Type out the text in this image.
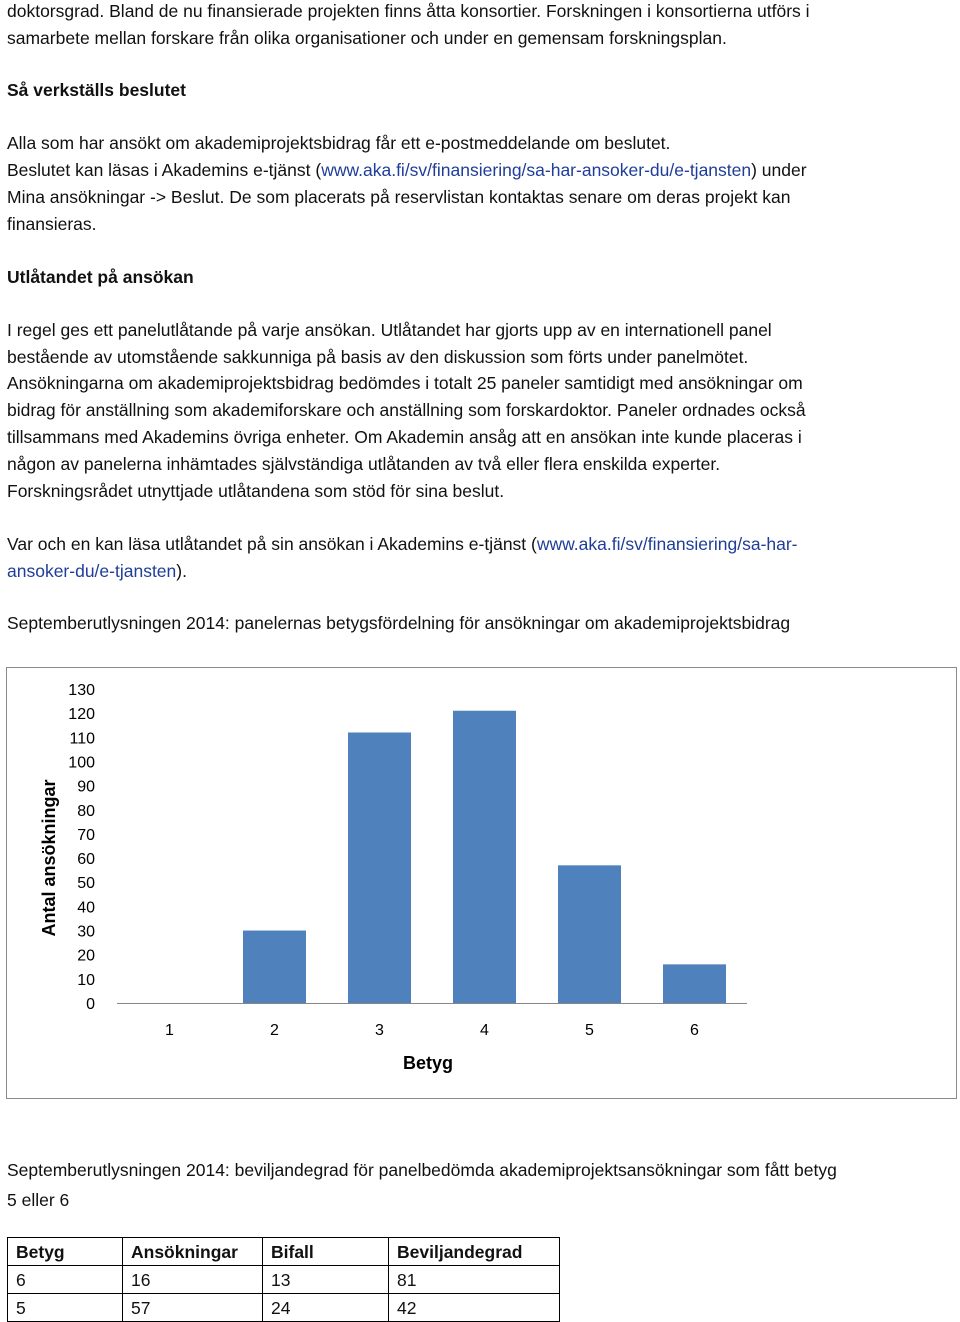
doktorsgrad. Bland de nu finansierade projekten finns åtta konsortier. Forskningen i konsortierna utförs i
samarbete mellan forskare från olika organisationer och under en gemensam forskningsplan.
Så verkställs beslutet
Alla som har ansökt om akademiprojektsbidrag får ett e-postmeddelande om beslutet.
Beslutet kan läsas i Akademins e-tjänst (www.aka.fi/sv/finansiering/sa-har-ansoker-du/e-tjansten) under
Mina ansökningar -> Beslut. De som placerats på reservlistan kontaktas senare om deras projekt kan
finansieras.
Utlåtandet på ansökan
I regel ges ett panelutlåtande på varje ansökan. Utlåtandet har gjorts upp av en internationell panel
bestående av utomstående sakkunniga på basis av den diskussion som förts under panelmötet.
Ansökningarna om akademiprojektsbidrag bedömdes i totalt 25 paneler samtidigt med ansökningar om
bidrag för anställning som akademiforskare och anställning som forskardoktor. Paneler ordnades också
tillsammans med Akademins övriga enheter. Om Akademin ansåg att en ansökan inte kunde placeras i
någon av panelerna inhämtades självständiga utlåtanden av två eller flera enskilda experter.
Forskningsrådet utnyttjade utlåtandena som stöd för sina beslut.
Var och en kan läsa utlåtandet på sin ansökan i Akademins e-tjänst (www.aka.fi/sv/finansiering/sa-har-
ansoker-du/e-tjansten).
Septemberutlysningen 2014: panelernas betygsfördelning för ansökningar om akademiprojektsbidrag
0
10
20
30
40
50
60
70
80
90
100
110
120
130
1	2	3	4	5	6
Betyg
Antal ansökningar
Septemberutlysningen 2014: beviljandegrad för panelbedömda akademiprojektsansökningar som fått betyg
5 eller 6
Betyg	Ansökningar	Bifall	Beviljandegrad
6	16	13	81
5	57	24	42
